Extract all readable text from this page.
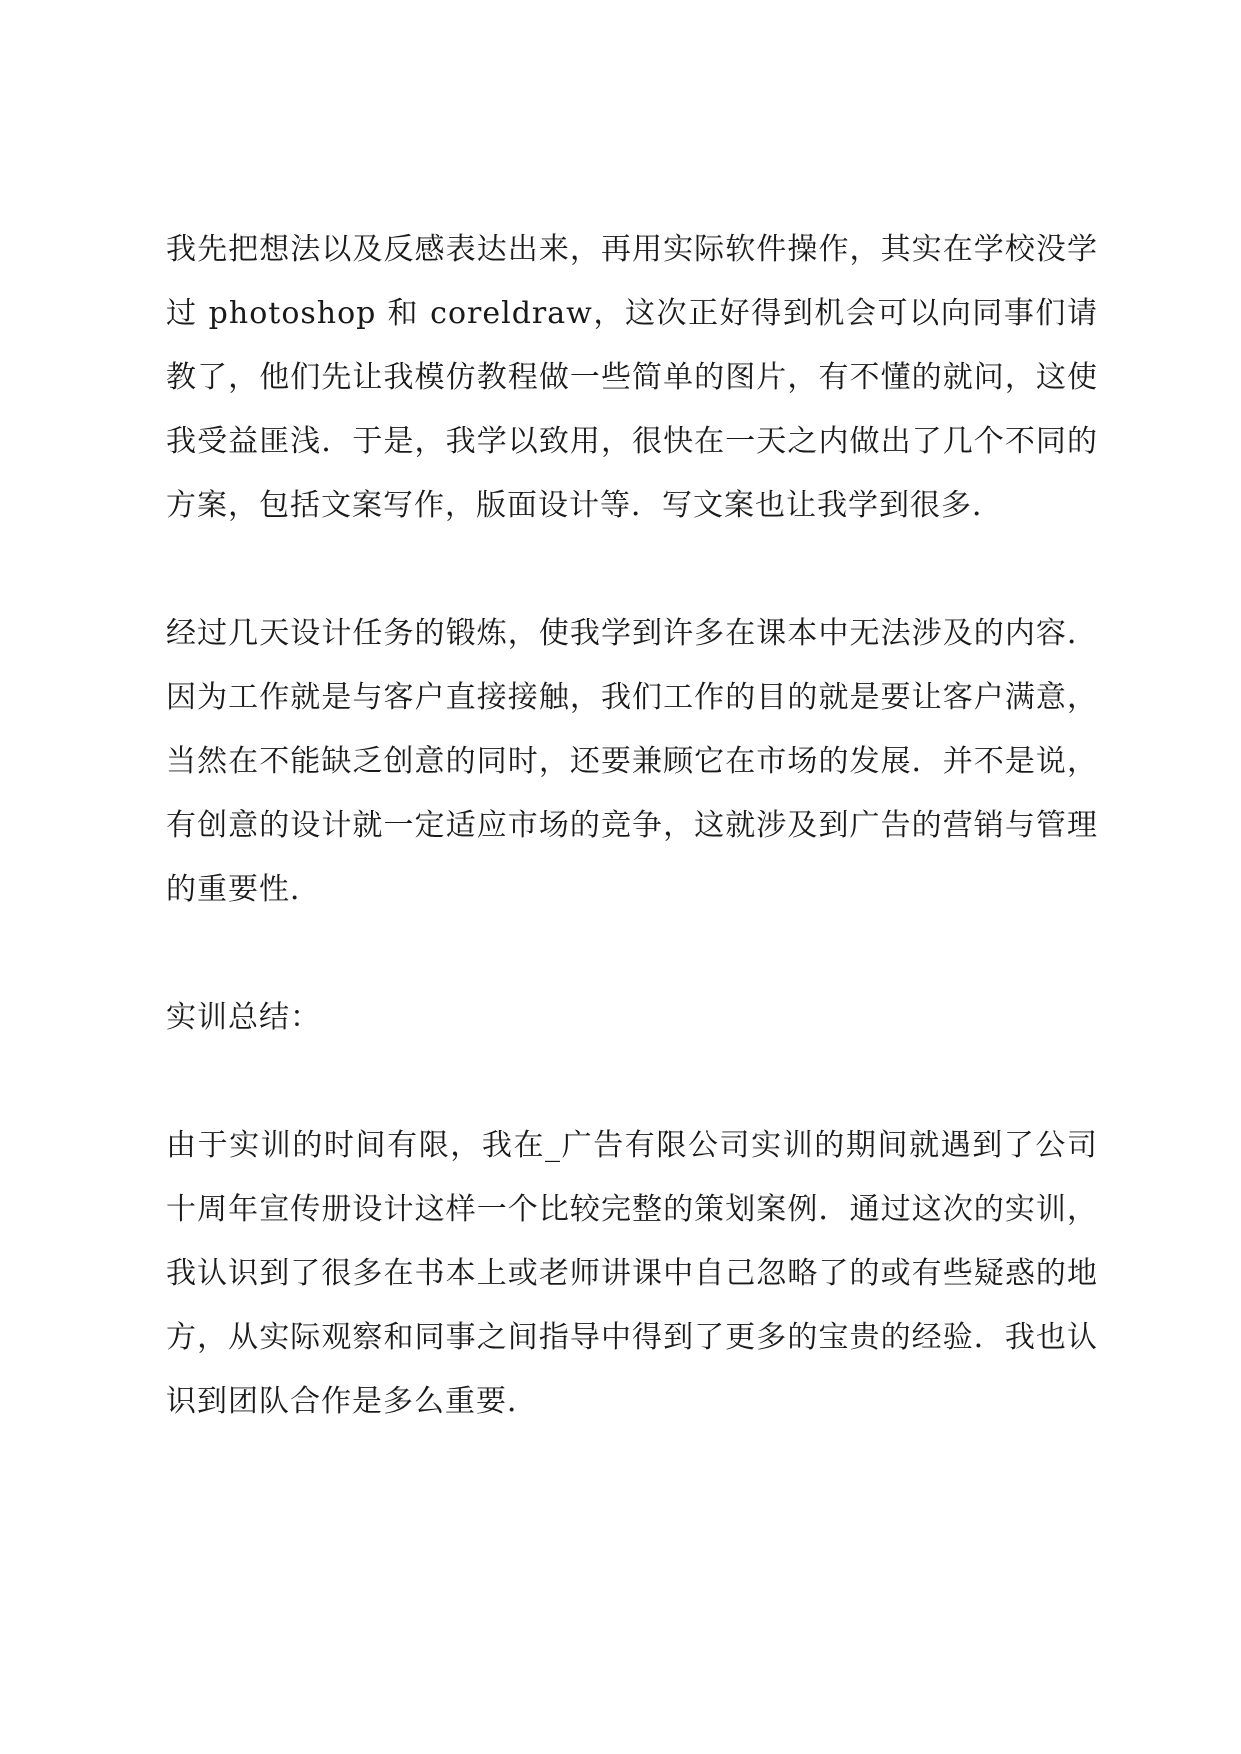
我先把想法以及反感表达出来，再用实际软件操作，其实在学校没学过 photoshop 和 coreldraw，这次正好得到机会可以向同事们请教了，他们先让我模仿教程做一些简单的图片，有不懂的就问，这使我受益匪浅．于是，我学以致用，很快在一天之内做出了几个不同的方案，包括文案写作，版面设计等．写文案也让我学到很多．

经过几天设计任务的锻炼，使我学到许多在课本中无法涉及的内容．因为工作就是与客户直接接触，我们工作的目的就是要让客户满意，当然在不能缺乏创意的同时，还要兼顾它在市场的发展．并不是说，有创意的设计就一定适应市场的竞争，这就涉及到广告的营销与管理的重要性．

实训总结：

由于实训的时间有限，我在_广告有限公司实训的期间就遇到了公司十周年宣传册设计这样一个比较完整的策划案例．通过这次的实训，我认识到了很多在书本上或老师讲课中自己忽略了的或有些疑惑的地方，从实际观察和同事之间指导中得到了更多的宝贵的经验．我也认识到团队合作是多么重要．
